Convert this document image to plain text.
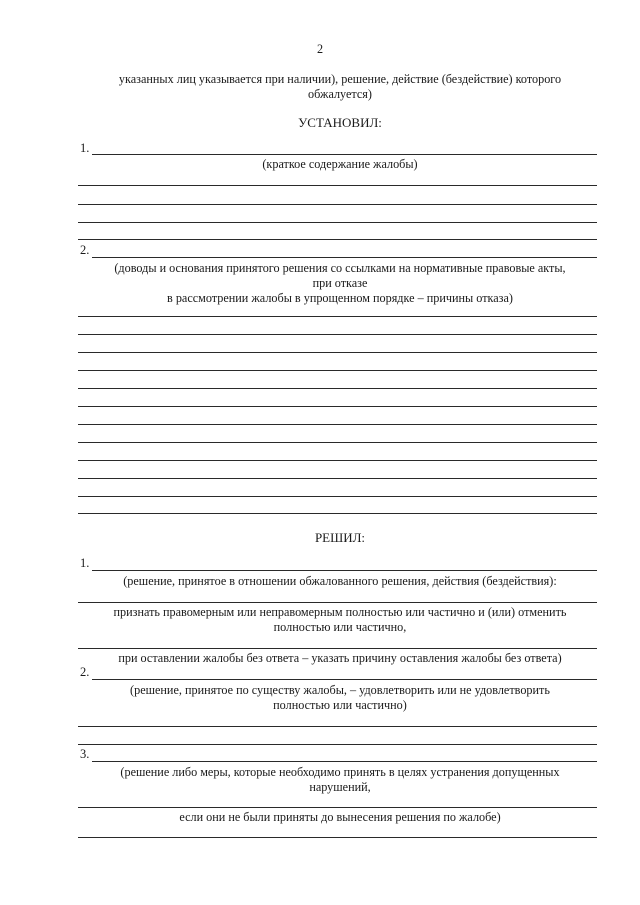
2
указанных лиц указывается при наличии), решение, действие (бездействие) которого
обжалуется)
УСТАНОВИЛ:
1.
(краткое содержание жалобы)
2.
(доводы и основания принятого решения со ссылками на нормативные правовые акты,
при отказе
в рассмотрении жалобы в упрощенном порядке – причины отказа)
РЕШИЛ:
1.
(решение, принятое в отношении обжалованного решения, действия (бездействия):
признать правомерным или неправомерным полностью или частично и (или) отменить
полностью или частично,
при оставлении жалобы без ответа – указать причину оставления жалобы без ответа)
2.
(решение, принятое по существу жалобы, – удовлетворить или не удовлетворить
полностью или частично)
3.
(решение либо меры, которые необходимо принять в целях устранения допущенных
нарушений,
если они не были приняты до вынесения решения по жалобе)
